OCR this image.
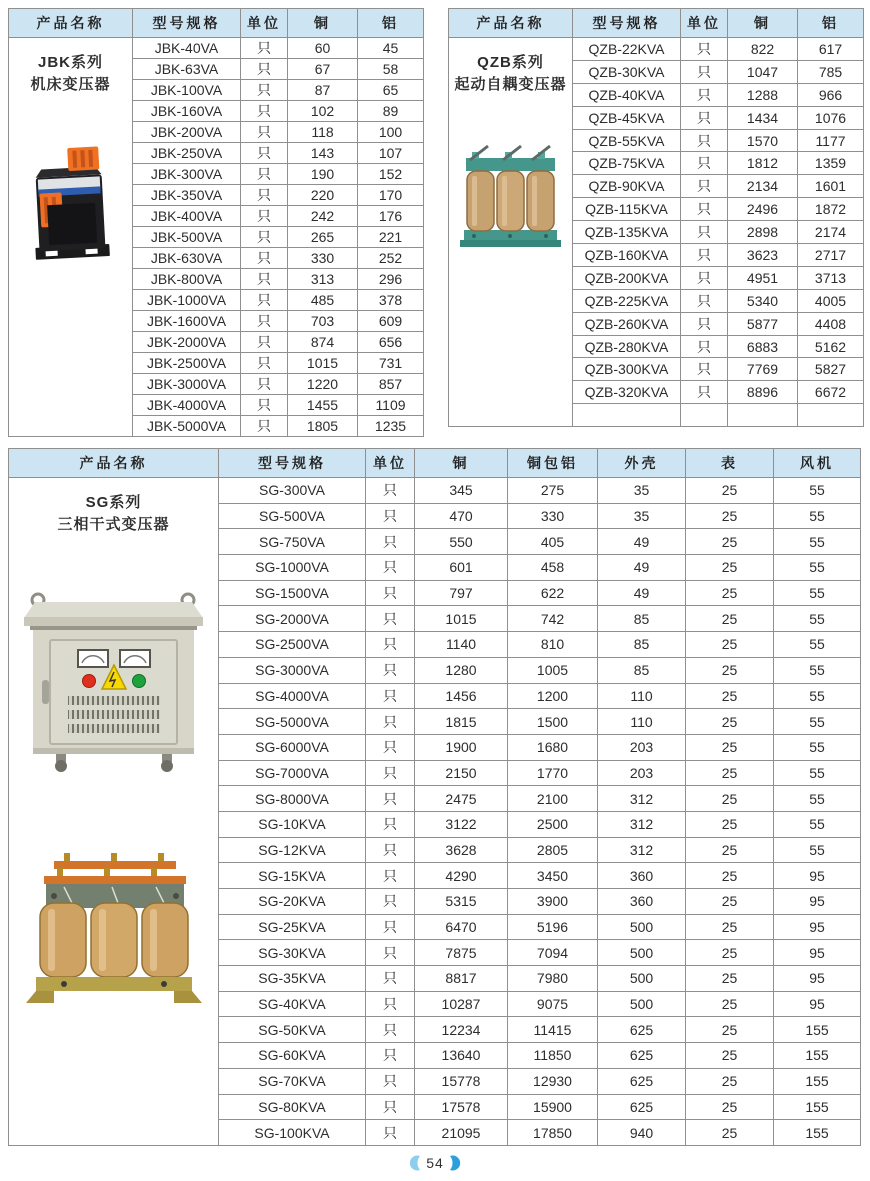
产品名称	型号规格	单位	铜	铝

JBK系列
机床变压器	JBK-40VA	只	60	45
	JBK-63VA	只	67	58
	JBK-100VA	只	87	65
	JBK-160VA	只	102	89
	JBK-200VA	只	118	100
	JBK-250VA	只	143	107
	JBK-300VA	只	190	152
	JBK-350VA	只	220	170
	JBK-400VA	只	242	176
	JBK-500VA	只	265	221
	JBK-630VA	只	330	252
	JBK-800VA	只	313	296
	JBK-1000VA	只	485	378
	JBK-1600VA	只	703	609
	JBK-2000VA	只	874	656
	JBK-2500VA	只	1015	731
	JBK-3000VA	只	1220	857
	JBK-4000VA	只	1455	1109
	JBK-5000VA	只	1805	1235
产品名称	型号规格	单位	铜	铝

QZB系列
起动自耦变压器	QZB-22KVA	只	822	617
	QZB-30KVA	只	1047	785
	QZB-40KVA	只	1288	966
	QZB-45KVA	只	1434	1076
	QZB-55KVA	只	1570	1177
	QZB-75KVA	只	1812	1359
	QZB-90KVA	只	2134	1601
	QZB-115KVA	只	2496	1872
	QZB-135KVA	只	2898	2174
	QZB-160KVA	只	3623	2717
	QZB-200KVA	只	4951	3713
	QZB-225KVA	只	5340	4005
	QZB-260KVA	只	5877	4408
	QZB-280KVA	只	6883	5162
	QZB-300KVA	只	7769	5827
	QZB-320KVA	只	8896	6672

产品名称	型号规格	单位	铜	铜包铝	外壳	表	风机

SG系列
三相干式变压器	SG-300VA	只	345	275	35	25	55
	SG-500VA	只	470	330	35	25	55
	SG-750VA	只	550	405	49	25	55
	SG-1000VA	只	601	458	49	25	55
	SG-1500VA	只	797	622	49	25	55
	SG-2000VA	只	1015	742	85	25	55
	SG-2500VA	只	1140	810	85	25	55
	SG-3000VA	只	1280	1005	85	25	55
	SG-4000VA	只	1456	1200	110	25	55
	SG-5000VA	只	1815	1500	110	25	55
	SG-6000VA	只	1900	1680	203	25	55
	SG-7000VA	只	2150	1770	203	25	55
	SG-8000VA	只	2475	2100	312	25	55
	SG-10KVA	只	3122	2500	312	25	55
	SG-12KVA	只	3628	2805	312	25	55
	SG-15KVA	只	4290	3450	360	25	95
	SG-20KVA	只	5315	3900	360	25	95
	SG-25KVA	只	6470	5196	500	25	95
	SG-30KVA	只	7875	7094	500	25	95
	SG-35KVA	只	8817	7980	500	25	95
	SG-40KVA	只	10287	9075	500	25	95
	SG-50KVA	只	12234	11415	625	25	155
	SG-60KVA	只	13640	11850	625	25	155
	SG-70KVA	只	15778	12930	625	25	155
	SG-80KVA	只	17578	15900	625	25	155
	SG-100KVA	只	21095	17850	940	25	155
54
